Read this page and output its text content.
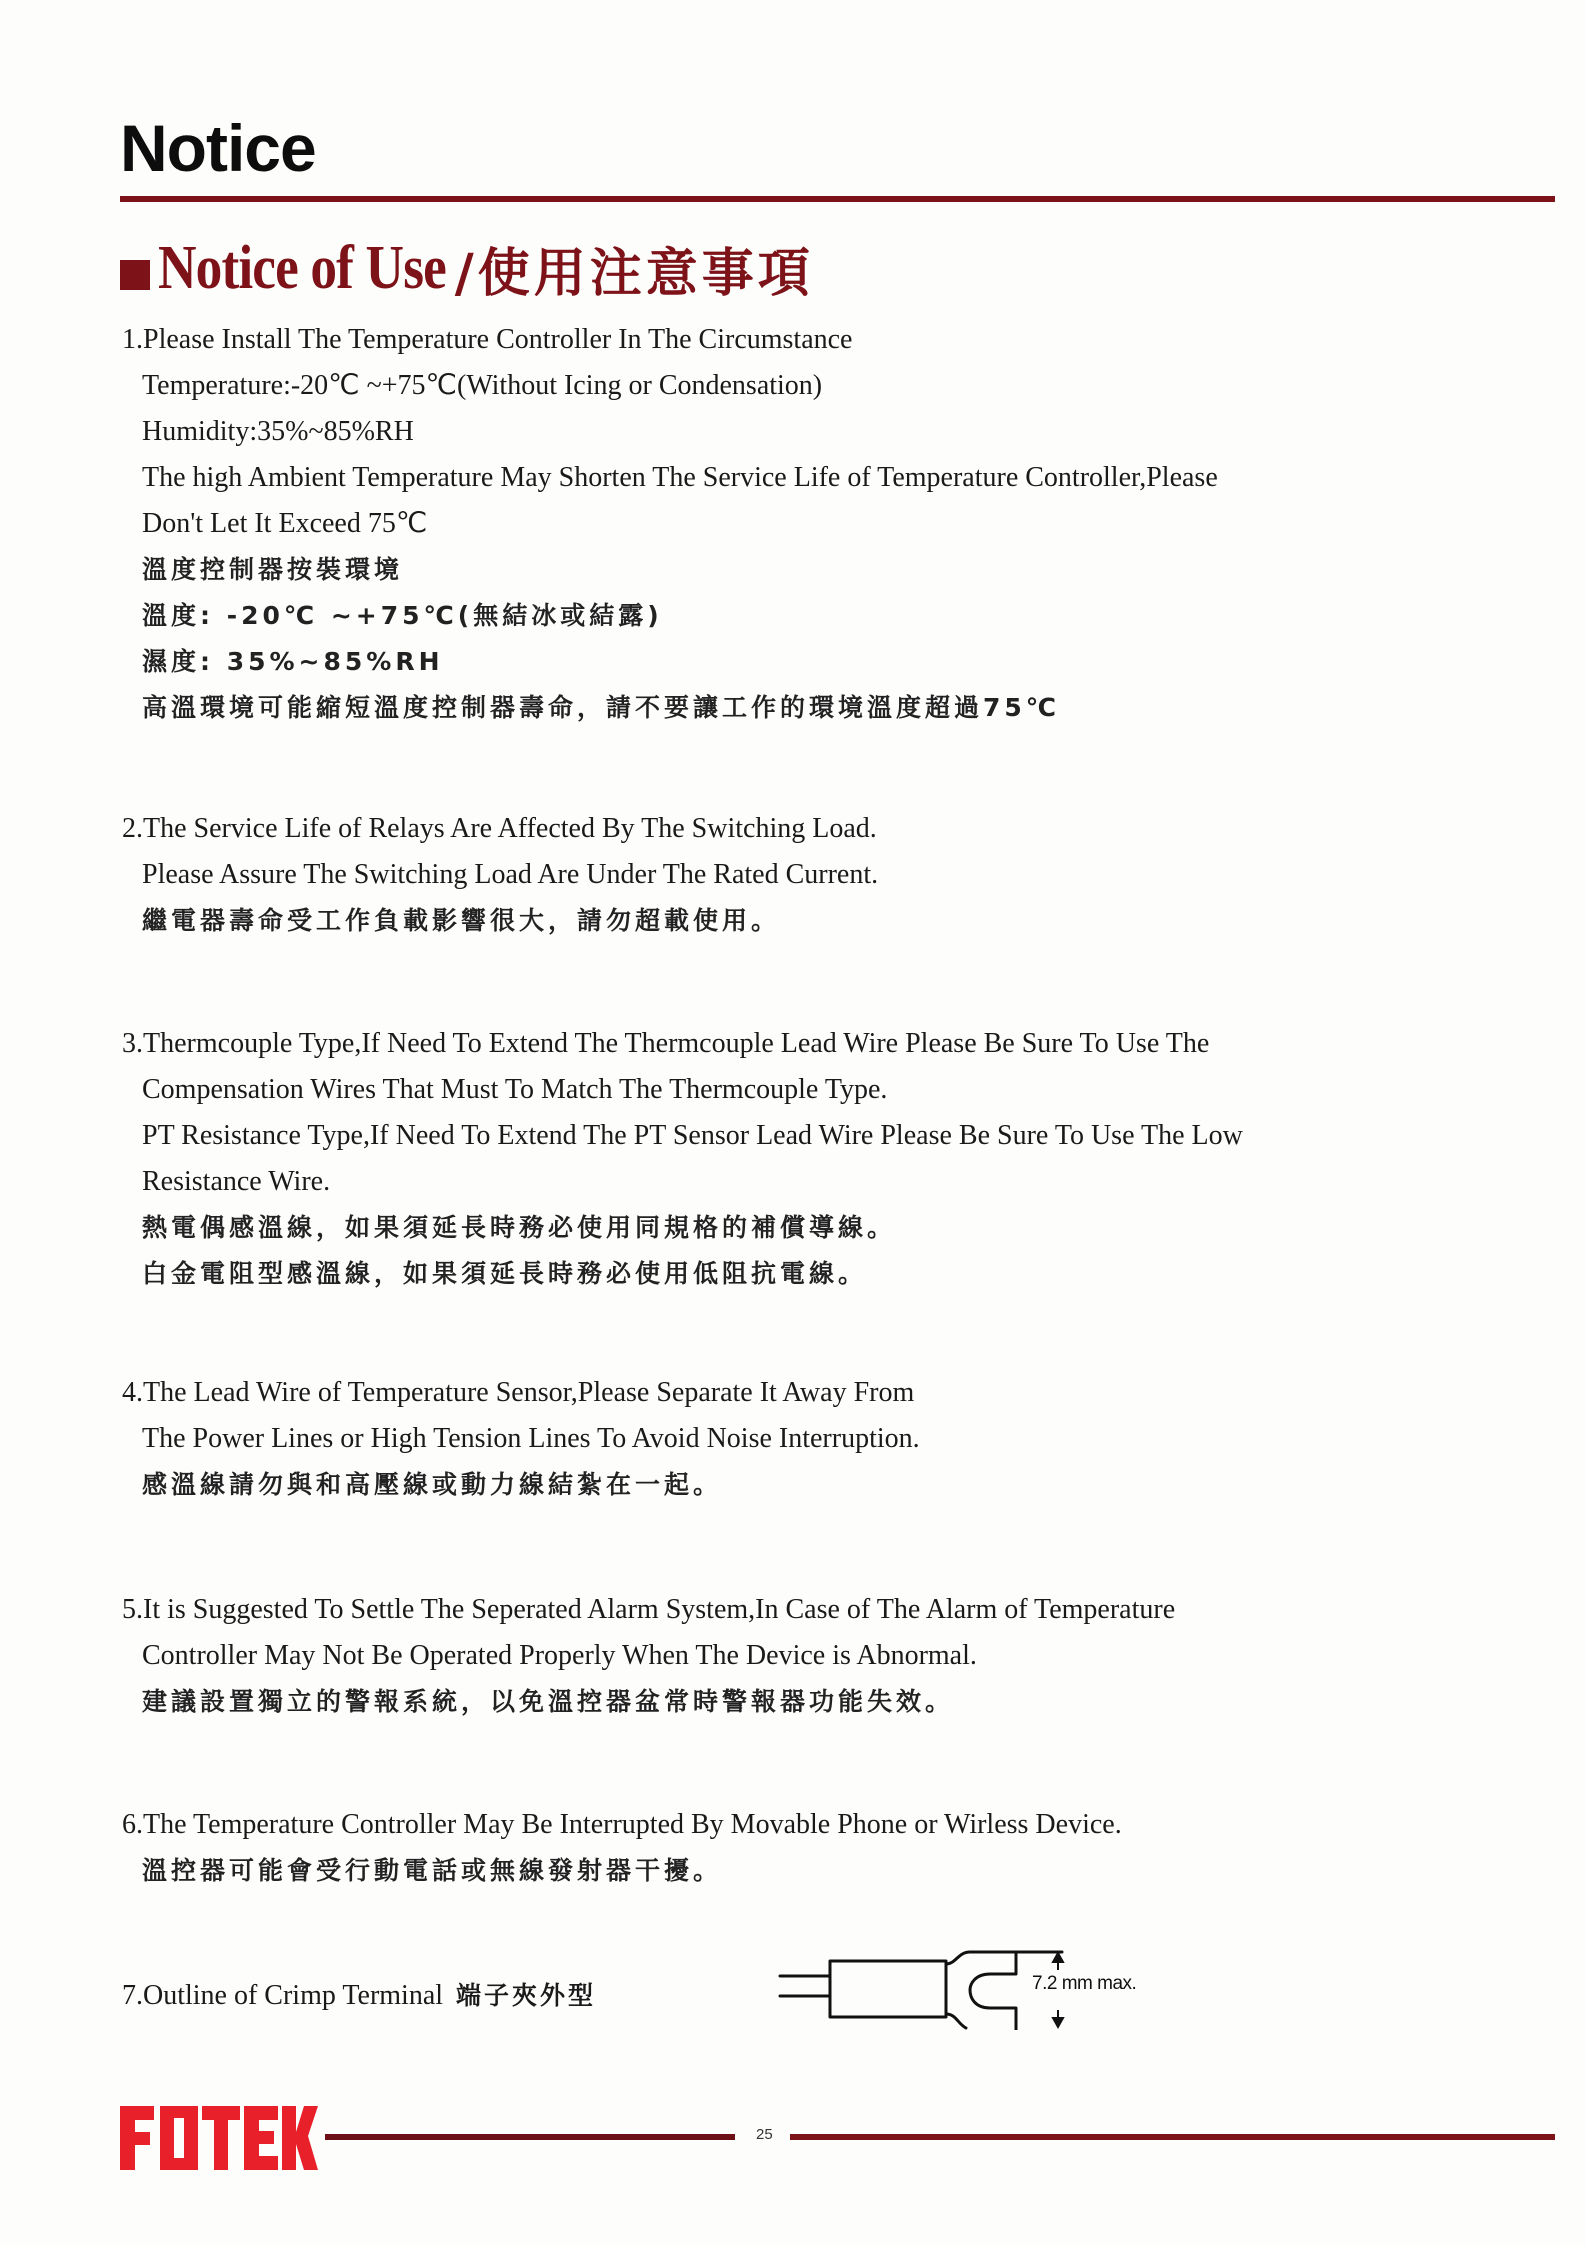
Notice
Notice of Use /使用注意事項
1.Please Install The Temperature Controller In The Circumstance
Temperature:-20℃ ~+75℃(Without Icing or Condensation)
Humidity:35%~85%RH
The high Ambient Temperature May Shorten The Service Life of Temperature Controller,Please
Don't Let It Exceed 75℃
溫度控制器按裝環境
溫度: -20℃ ~+75℃(無結冰或結露)
濕度: 35%~85%RH
高溫環境可能縮短溫度控制器壽命，請不要讓工作的環境溫度超過75℃
2.The Service Life of Relays Are Affected By The Switching Load.
Please Assure The Switching Load Are Under The Rated Current.
繼電器壽命受工作負載影響很大，請勿超載使用。
3.Thermcouple Type,If Need To Extend The Thermcouple Lead Wire Please Be Sure To Use The
Compensation Wires That Must To Match The Thermcouple Type.
PT Resistance Type,If Need To Extend The PT Sensor Lead Wire Please Be Sure To Use The Low
Resistance Wire.
熱電偶感溫線，如果須延長時務必使用同規格的補償導線。
白金電阻型感溫線，如果須延長時務必使用低阻抗電線。
4.The Lead Wire of Temperature Sensor,Please Separate It Away From
The Power Lines or High Tension Lines To Avoid Noise Interruption.
感溫線請勿與和高壓線或動力線結紮在一起。
5.It is Suggested To Settle The Seperated Alarm System,In Case of The Alarm of Temperature
Controller May Not Be Operated Properly When The Device is Abnormal.
建議設置獨立的警報系統，以免溫控器盆常時警報器功能失效。
6.The Temperature Controller May Be Interrupted By Movable Phone or Wirless Device.
溫控器可能會受行動電話或無線發射器干擾。
7.Outline of Crimp Terminal 端子夾外型	7.2 mm max.
25
